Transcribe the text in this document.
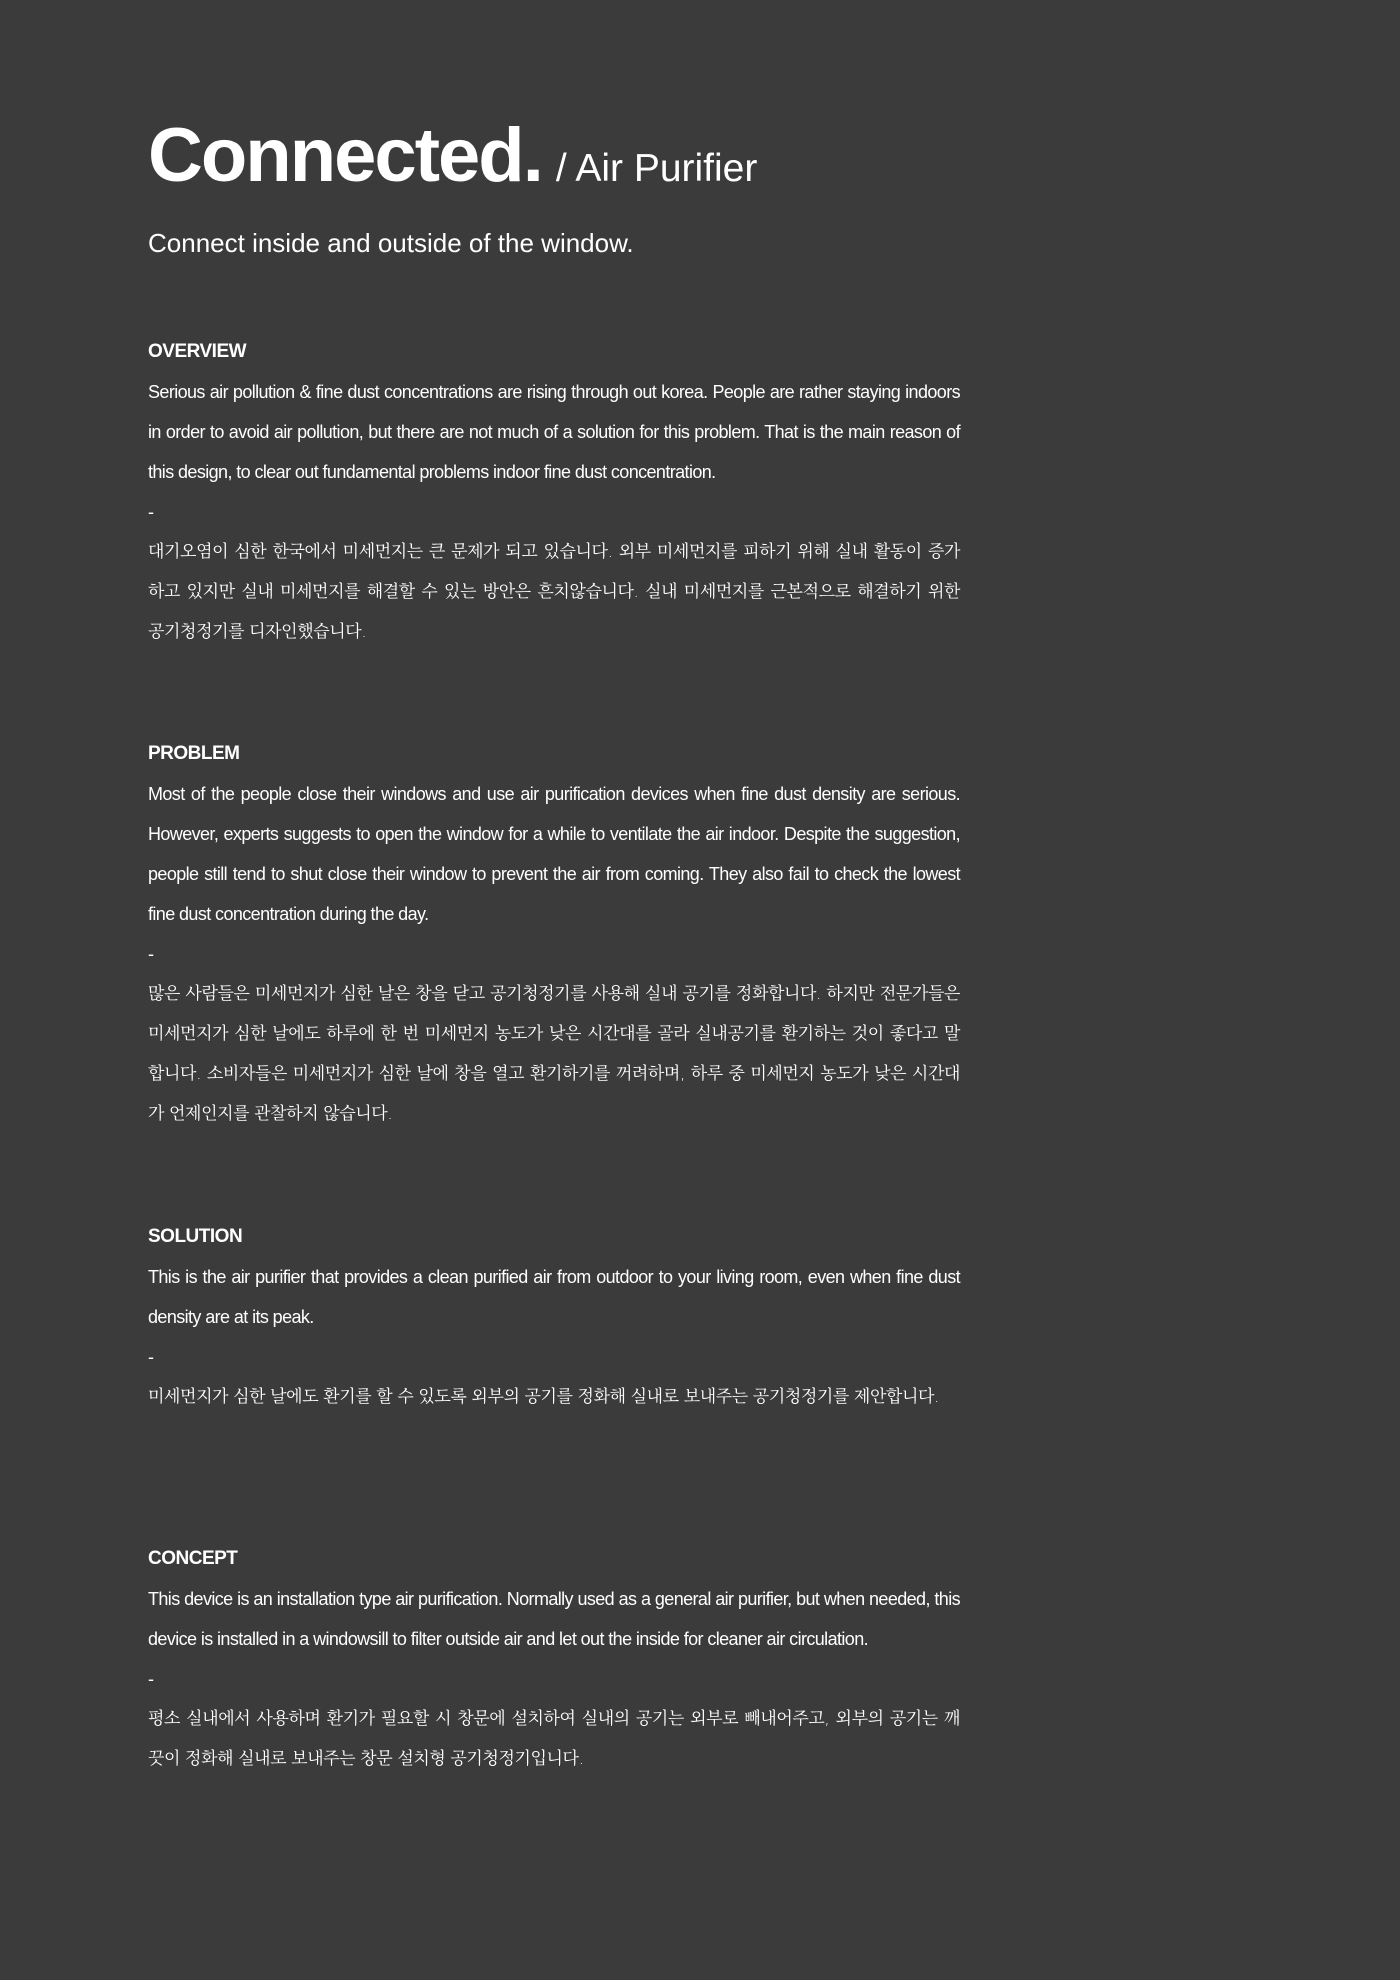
Connected. / Air Purifier
Connect inside and outside of the window.
OVERVIEW

Serious air pollution & fine dust concentrations are rising through out korea. People are rather staying indoors in order to avoid air pollution, but there are not much of a solution for this problem. That is the main reason of this design, to clear out fundamental problems indoor fine dust concentration.

-

대기오염이 심한 한국에서 미세먼지는 큰 문제가 되고 있습니다. 외부 미세먼지를 피하기 위해 실내 활동이 증가하고 있지만 실내 미세먼지를 해결할 수 있는 방안은 흔치않습니다. 실내 미세먼지를 근본적으로 해결하기 위한 공기청정기를 디자인했습니다.

PROBLEM

Most of the people close their windows and use air purification devices when fine dust density are serious. However, experts suggests to open the window for a while to ventilate the air indoor. Despite the suggestion, people still tend to shut close their window to prevent the air from coming. They also fail to check the lowest fine dust concentration during the day.

-

많은 사람들은 미세먼지가 심한 날은 창을 닫고 공기청정기를 사용해 실내 공기를 정화합니다. 하지만 전문가들은 미세먼지가 심한 날에도 하루에 한 번 미세먼지 농도가 낮은 시간대를 골라 실내공기를 환기하는 것이 좋다고 말합니다. 소비자들은 미세먼지가 심한 날에 창을 열고 환기하기를 꺼려하며, 하루 중 미세먼지 농도가 낮은 시간대가 언제인지를 관찰하지 않습니다.

SOLUTION

This is the air purifier that provides a clean purified air from outdoor to your living room, even when fine dust density are at its peak.

-

미세먼지가 심한 날에도 환기를 할 수 있도록 외부의 공기를 정화해 실내로 보내주는 공기청정기를 제안합니다.

CONCEPT

This device is an installation type air purification. Normally used as a general air purifier, but when needed, this device is installed in a windowsill to filter outside air and let out the inside for cleaner air circulation.

-

평소 실내에서 사용하며 환기가 필요할 시 창문에 설치하여 실내의 공기는 외부로 빼내어주고, 외부의 공기는 깨끗이 정화해 실내로 보내주는 창문 설치형 공기청정기입니다.
